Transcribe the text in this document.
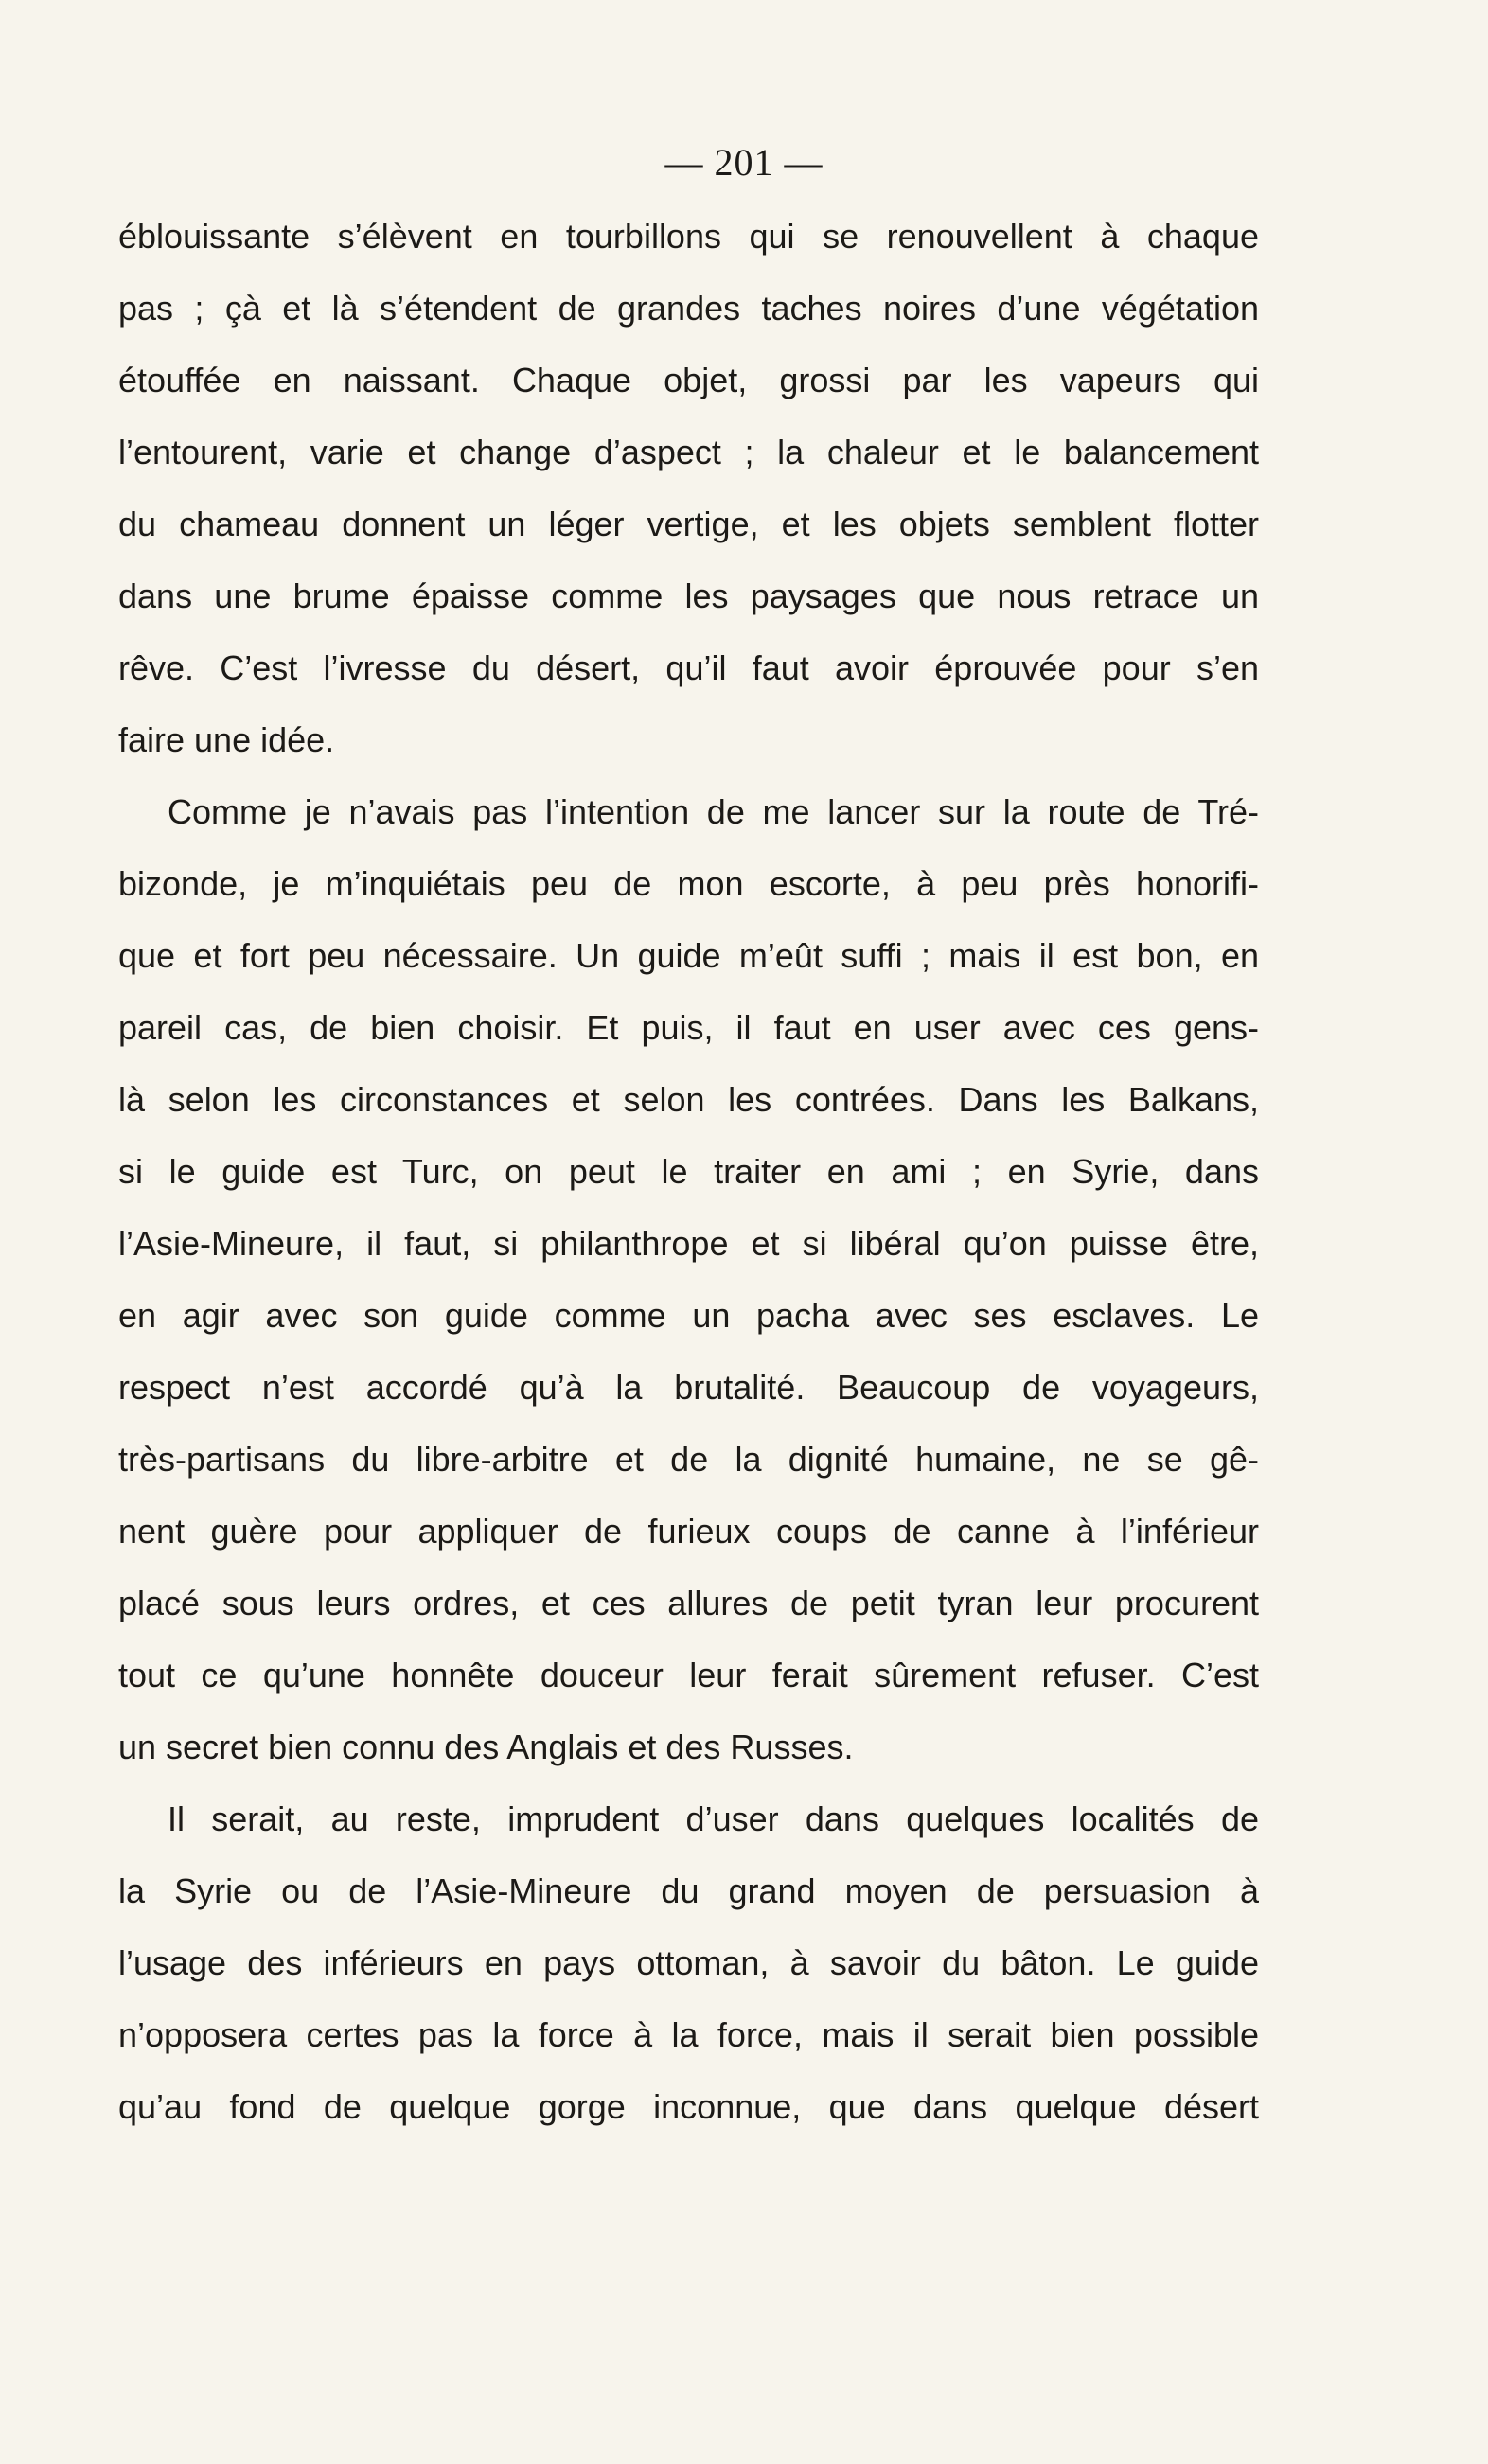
— 201 —
éblouissante s’élèvent en tourbillons qui se renouvellent à chaque
pas ; çà et là s’étendent de grandes taches noires d’une végétation
étouffée en naissant. Chaque objet, grossi par les vapeurs qui
l’entourent, varie et change d’aspect ; la chaleur et le balancement
du chameau donnent un léger vertige, et les objets semblent flotter
dans une brume épaisse comme les paysages que nous retrace un
rêve. C’est l’ivresse du désert, qu’il faut avoir éprouvée pour s’en
faire une idée.
Comme je n’avais pas l’intention de me lancer sur la route de Tré-
bizonde, je m’inquiétais peu de mon escorte, à peu près honorifi-
que et fort peu nécessaire. Un guide m’eût suffi ; mais il est bon, en
pareil cas, de bien choisir. Et puis, il faut en user avec ces gens-
là selon les circonstances et selon les contrées. Dans les Balkans,
si le guide est Turc, on peut le traiter en ami ; en Syrie, dans
l’Asie-Mineure, il faut, si philanthrope et si libéral qu’on puisse être,
en agir avec son guide comme un pacha avec ses esclaves. Le
respect n’est accordé qu’à la brutalité. Beaucoup de voyageurs,
très-partisans du libre-arbitre et de la dignité humaine, ne se gê-
nent guère pour appliquer de furieux coups de canne à l’inférieur
placé sous leurs ordres, et ces allures de petit tyran leur procurent
tout ce qu’une honnête douceur leur ferait sûrement refuser. C’est
un secret bien connu des Anglais et des Russes.
Il serait, au reste, imprudent d’user dans quelques localités de
la Syrie ou de l’Asie-Mineure du grand moyen de persuasion à
l’usage des inférieurs en pays ottoman, à savoir du bâton. Le guide
n’opposera certes pas la force à la force, mais il serait bien possible
qu’au fond de quelque gorge inconnue, que dans quelque désert
